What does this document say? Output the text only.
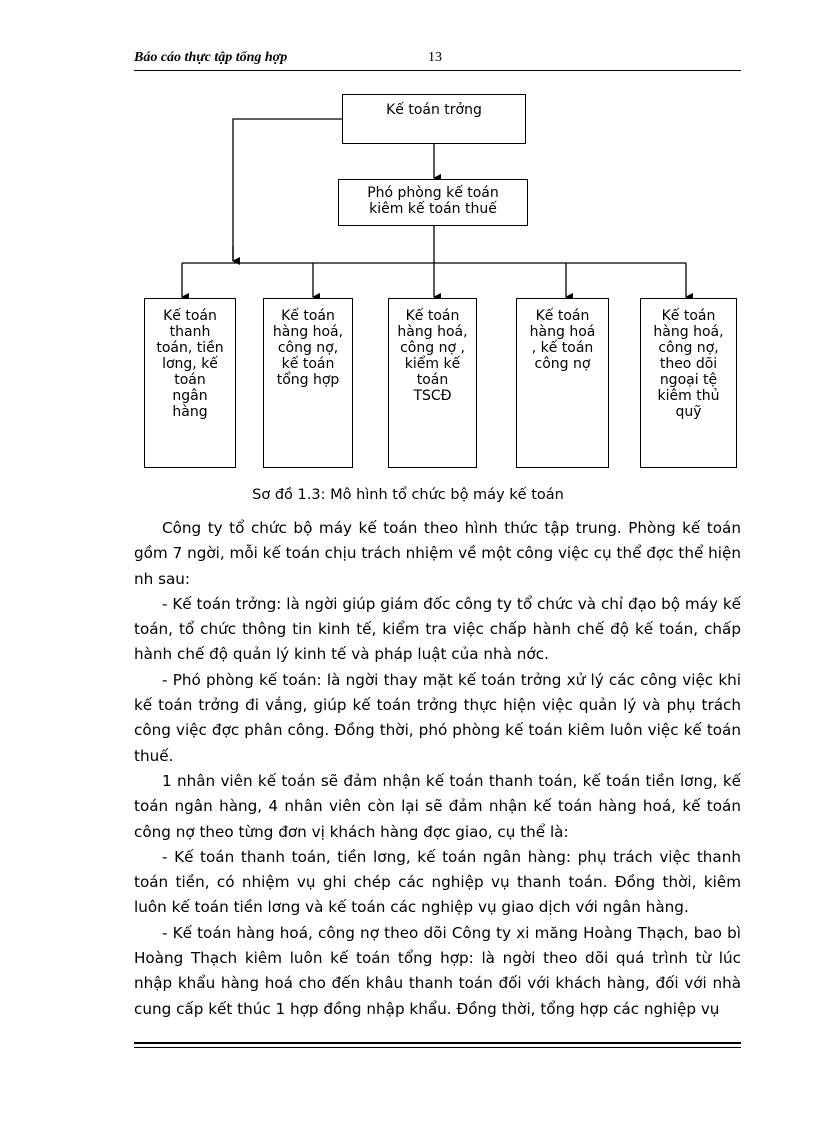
Báo cáo thực tập tổng hợp	13
Kế toán trởng
Phó phòng kế toán
kiêm kế toán thuế
Kế toán
thanh
toán, tiền
lơng, kế
toán
ngân
hàng
Kế toán
hàng hoá,
công nợ,
kế toán
tổng hợp
Kế toán
hàng hoá,
công nợ ,
kiểm kế
toán
TSCĐ
Kế toán
hàng hoá
, kế toán
công nợ
Kế toán
hàng hoá,
công nợ,
theo dõi
ngoại tệ
kiêm thủ
quỹ
Sơ đồ 1.3: Mô hình tổ chức bộ máy kế toán

Công ty tổ chức bộ máy kế toán theo hình thức tập trung. Phòng kế toán gồm 7 ngời, mỗi kế toán chịu trách nhiệm về một công việc cụ thể đợc thể hiện nh sau:

- Kế toán trởng: là ngời giúp giám đốc công ty tổ chức và chỉ đạo bộ máy kế toán, tổ chức thông tin kinh tế, kiểm tra việc chấp hành chế độ kế toán, chấp hành chế độ quản lý kinh tế và pháp luật của nhà nớc.

- Phó phòng kế toán: là ngời thay mặt kế toán trởng xử lý các công việc khi kế toán trởng đi vắng, giúp kế toán trởng thực hiện việc quản lý và phụ trách công việc đợc phân công. Đồng thời, phó phòng kế toán kiêm luôn việc kế toán thuế.

1 nhân viên kế toán sẽ đảm nhận kế toán thanh toán, kế toán tiền lơng, kế toán ngân hàng, 4 nhân viên còn lại sẽ đảm nhận kế toán hàng hoá, kế toán công nợ theo từng đơn vị khách hàng đợc giao, cụ thể là:

- Kế toán thanh toán, tiền lơng, kế toán ngân hàng: phụ trách việc thanh toán tiền, có nhiệm vụ ghi chép các nghiệp vụ thanh toán. Đồng thời, kiêm luôn kế toán tiền lơng và kế toán các nghiệp vụ giao dịch với ngân hàng.

- Kế toán hàng hoá, công nợ theo dõi Công ty xi măng Hoàng Thạch, bao bì Hoàng Thạch kiêm luôn kế toán tổng hợp: là ngời theo dõi quá trình từ lúc nhập khẩu hàng hoá cho đến khâu thanh toán đối với khách hàng, đối với nhà cung cấp kết thúc 1 hợp đồng nhập khẩu. Đồng thời, tổng hợp các nghiệp vụ
